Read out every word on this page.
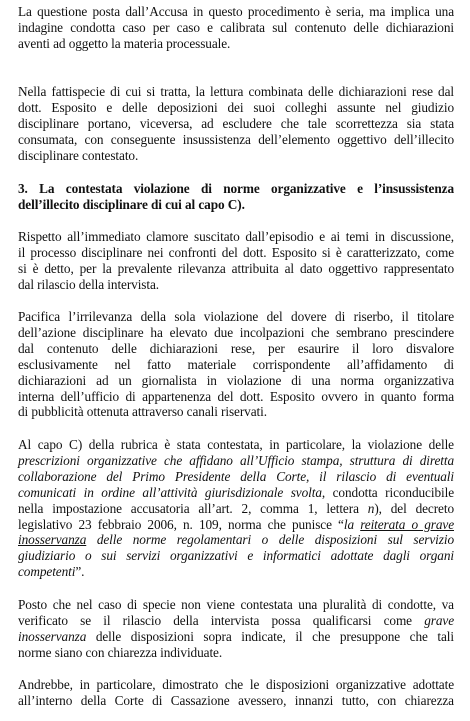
La questione posta dall’Accusa in questo procedimento è seria, ma implica una
indagine condotta caso per caso e calibrata sul contenuto delle dichiarazioni
aventi ad oggetto la materia processuale.
Nella fattispecie di cui si tratta, la lettura combinata delle dichiarazioni rese dal
dott. Esposito e delle deposizioni dei suoi colleghi assunte nel giudizio
disciplinare portano, viceversa, ad escludere che tale scorrettezza sia stata
consumata, con conseguente insussistenza dell’elemento oggettivo dell’illecito
disciplinare contestato.
3. La contestata violazione di norme organizzative e l’insussistenza
dell’illecito disciplinare di cui al capo C).
Rispetto all’immediato clamore suscitato dall’episodio e ai temi in discussione,
il processo disciplinare nei confronti del dott. Esposito si è caratterizzato, come
si è detto, per la prevalente rilevanza attribuita al dato oggettivo rappresentato
dal rilascio della intervista.
Pacifica l’irrilevanza della sola violazione del dovere di riserbo, il titolare
dell’azione disciplinare ha elevato due incolpazioni che sembrano prescindere
dal contenuto delle dichiarazioni rese, per esaurire il loro disvalore
esclusivamente nel fatto materiale corrispondente all’affidamento di
dichiarazioni ad un giornalista in violazione di una norma organizzativa
interna dell’ufficio di appartenenza del dott. Esposito ovvero in quanto forma
di pubblicità ottenuta attraverso canali riservati.
Al capo C) della rubrica è stata contestata, in particolare, la violazione delle
prescrizioni organizzative che affidano all’Ufficio stampa, struttura di diretta
collaborazione del Primo Presidente della Corte, il rilascio di eventuali
comunicati in ordine all’attività giurisdizionale svolta, condotta riconducibile
nella impostazione accusatoria all’art. 2, comma 1, lettera n), del decreto
legislativo 23 febbraio 2006, n. 109, norma che punisce “la reiterata o grave
inosservanza delle norme regolamentari o delle disposizioni sul servizio
giudiziario o sui servizi organizzativi e informatici adottate dagli organi
competenti”.
Posto che nel caso di specie non viene contestata una pluralità di condotte, va
verificato se il rilascio della intervista possa qualificarsi come grave
inosservanza delle disposizioni sopra indicate, il che presuppone che tali
norme siano con chiarezza individuate.
Andrebbe, in particolare, dimostrato che le disposizioni organizzative adottate
all’interno della Corte di Cassazione avessero, innanzi tutto, con chiarezza
